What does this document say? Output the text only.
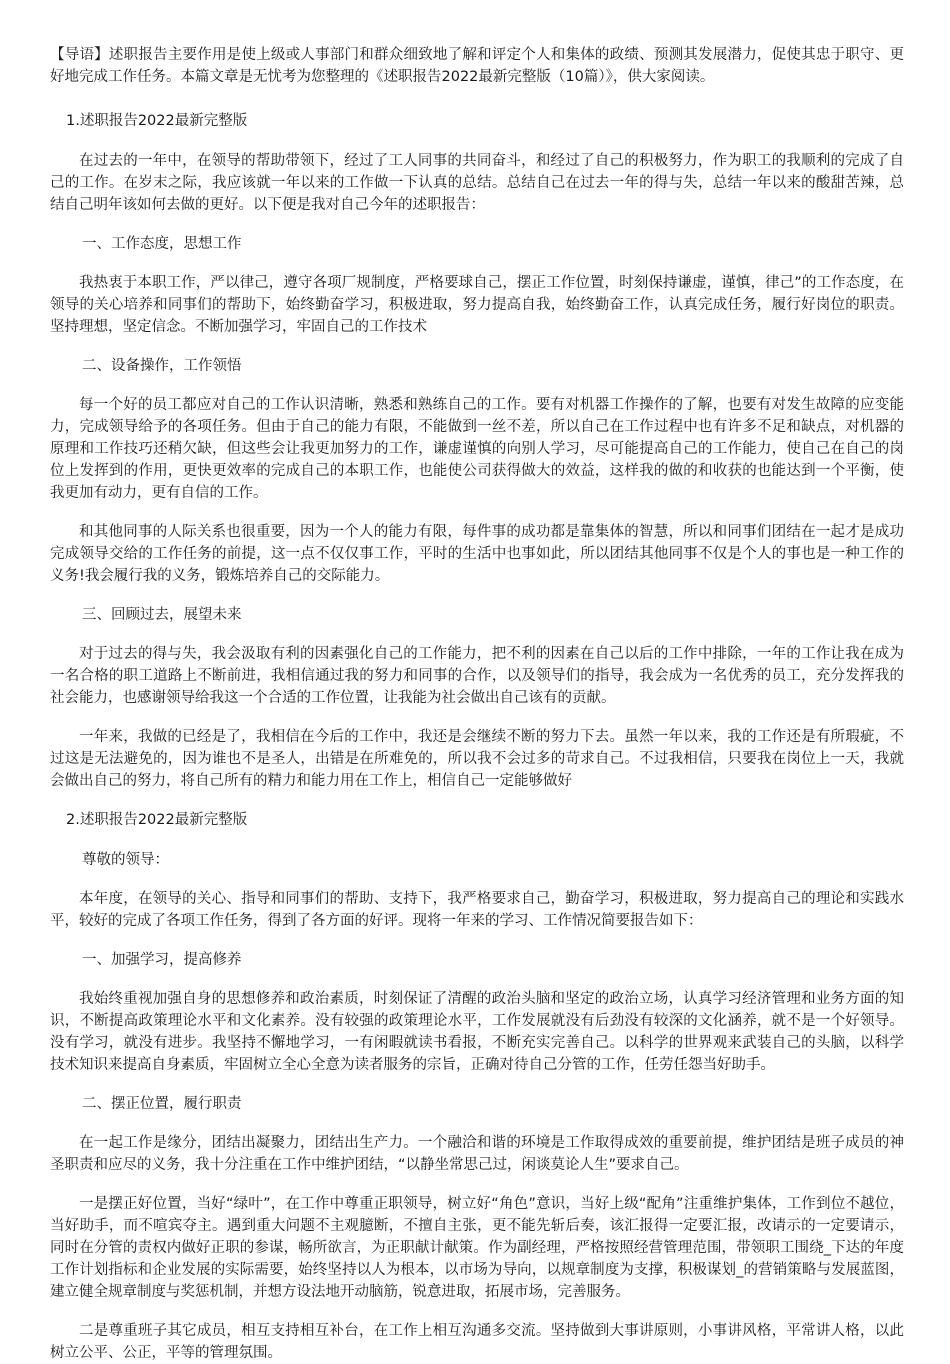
【导语】述职报告主要作用是使上级或人事部门和群众细致地了解和评定个人和集体的政绩、预测其发展潜力，促使其忠于职守、更好地完成工作任务。本篇文章是无忧考为您整理的《述职报告2022最新完整版（10篇）》，供大家阅读。

1.述职报告2022最新完整版

在过去的一年中，在领导的帮助带领下，经过了工人同事的共同奋斗，和经过了自己的积极努力，作为职工的我顺利的完成了自己的工作。在岁末之际，我应该就一年以来的工作做一下认真的总结。总结自己在过去一年的得与失，总结一年以来的酸甜苦辣，总结自己明年该如何去做的更好。以下便是我对自己今年的述职报告：

一、工作态度，思想工作

我热衷于本职工作，严以律己，遵守各项厂规制度，严格要球自己，摆正工作位置，时刻保持谦虚，谨慎，律己”的工作态度，在领导的关心培养和同事们的帮助下，始终勤奋学习，积极进取，努力提高自我，始终勤奋工作，认真完成任务，履行好岗位的职责。坚持理想，坚定信念。不断加强学习，牢固自己的工作技术

二、设备操作，工作领悟

每一个好的员工都应对自己的工作认识清晰，熟悉和熟练自己的工作。要有对机器工作操作的了解，也要有对发生故障的应变能力，完成领导给予的各项任务。但由于自己的能力有限，不能做到一丝不差，所以自己在工作过程中也有许多不足和缺点，对机器的原理和工作技巧还稍欠缺，但这些会让我更加努力的工作，谦虚谨慎的向别人学习，尽可能提高自己的工作能力，使自己在自己的岗位上发挥到的作用，更快更效率的完成自己的本职工作，也能使公司获得做大的效益，这样我的做的和收获的也能达到一个平衡，使我更加有动力，更有自信的工作。

和其他同事的人际关系也很重要，因为一个人的能力有限，每件事的成功都是靠集体的智慧，所以和同事们团结在一起才是成功完成领导交给的工作任务的前提，这一点不仅仅事工作，平时的生活中也事如此，所以团结其他同事不仅是个人的事也是一种工作的义务!我会履行我的义务，锻炼培养自己的交际能力。

三、回顾过去，展望未来

对于过去的得与失，我会汲取有利的因素强化自己的工作能力，把不利的因素在自己以后的工作中排除，一年的工作让我在成为一名合格的职工道路上不断前进，我相信通过我的努力和同事的合作，以及领导们的指导，我会成为一名优秀的员工，充分发挥我的社会能力，也感谢领导给我这一个合适的工作位置，让我能为社会做出自己该有的贡献。

一年来，我做的已经是了，我相信在今后的工作中，我还是会继续不断的努力下去。虽然一年以来，我的工作还是有所瑕疵，不过这是无法避免的，因为谁也不是圣人，出错是在所难免的，所以我不会过多的苛求自己。不过我相信，只要我在岗位上一天，我就会做出自己的努力，将自己所有的精力和能力用在工作上，相信自己一定能够做好

2.述职报告2022最新完整版

尊敬的领导：

本年度，在领导的关心、指导和同事们的帮助、支持下，我严格要求自己，勤奋学习，积极进取，努力提高自己的理论和实践水平，较好的完成了各项工作任务，得到了各方面的好评。现将一年来的学习、工作情况简要报告如下：

一、加强学习，提高修养

我始终重视加强自身的思想修养和政治素质，时刻保证了清醒的政治头脑和坚定的政治立场，认真学习经济管理和业务方面的知识，不断提高政策理论水平和文化素养。没有较强的政策理论水平，工作发展就没有后劲没有较深的文化涵养，就不是一个好领导。没有学习，就没有进步。我坚持不懈地学习，一有闲暇就读书看报，不断充实完善自己。以科学的世界观来武装自己的头脑，以科学技术知识来提高自身素质，牢固树立全心全意为读者服务的宗旨，正确对待自己分管的工作，任劳任怨当好助手。

二、摆正位置，履行职责

在一起工作是缘分，团结出凝聚力，团结出生产力。一个融洽和谐的环境是工作取得成效的重要前提，维护团结是班子成员的神圣职责和应尽的义务，我十分注重在工作中维护团结，“以静坐常思己过，闲谈莫论人生”要求自己。

一是摆正好位置，当好“绿叶”，在工作中尊重正职领导，树立好“角色”意识，当好上级“配角”注重维护集体，工作到位不越位，当好助手，而不喧宾夺主。遇到重大问题不主观臆断，不擅自主张，更不能先斩后奏，该汇报得一定要汇报，改请示的一定要请示，同时在分管的责权内做好正职的参谋，畅所欲言，为正职献计献策。作为副经理，严格按照经营管理范围，带领职工围绕_下达的年度工作计划指标和企业发展的实际需要，始终坚持以人为根本，以市场为导向，以规章制度为支撑，积极谋划_的营销策略与发展蓝图，建立健全规章制度与奖惩机制，并想方设法地开动脑筋，锐意进取，拓展市场，完善服务。

二是尊重班子其它成员，相互支持相互补台，在工作上相互沟通多交流。坚持做到大事讲原则，小事讲风格，平常讲人格，以此树立公平、公正，平等的管理氛围。
